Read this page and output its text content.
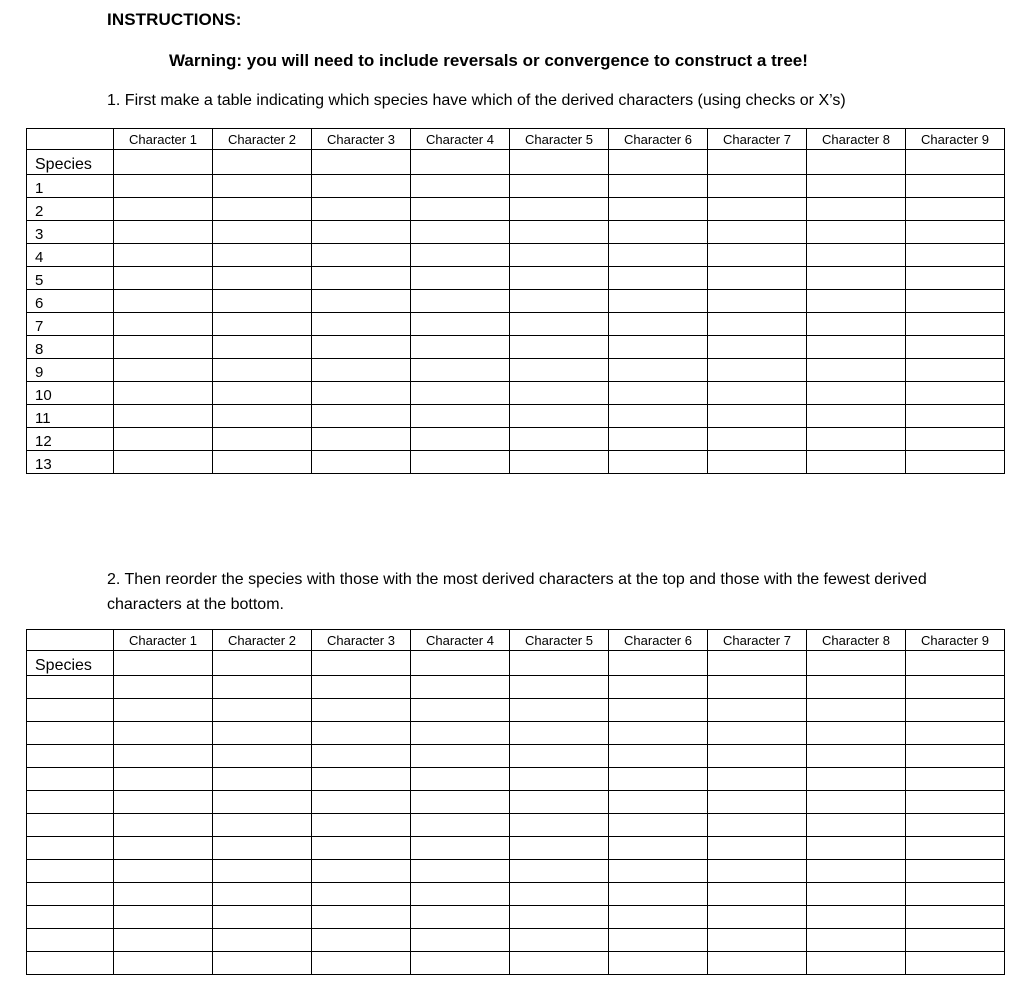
INSTRUCTIONS:
Warning: you will need to include reversals or convergence to construct a tree!
1. First make a table indicating which species have which of the derived characters (using checks or X’s)
	Character 1	Character 2	Character 3	Character 4	Character 5	Character 6	Character 7	Character 8	Character 9
Species									
1									
2									
3									
4									
5									
6									
7									
8									
9									
10									
11									
12									
13									
2. Then reorder the species with those with the most derived characters at the top and those with the fewest derived characters at the bottom.
	Character 1	Character 2	Character 3	Character 4	Character 5	Character 6	Character 7	Character 8	Character 9
Species									
